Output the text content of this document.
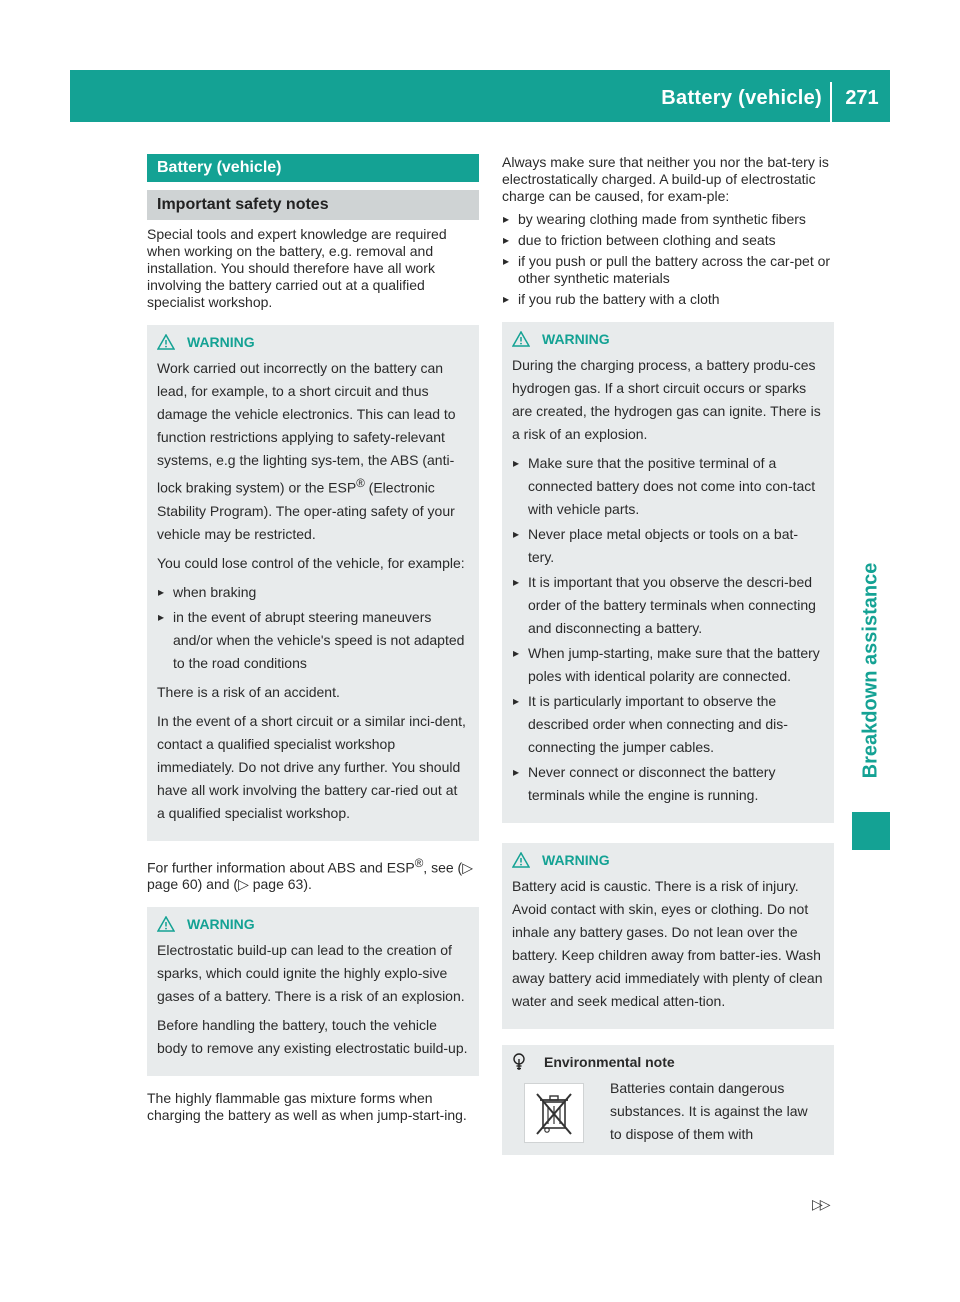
Battery (vehicle)	271
Breakdown assistance
Battery (vehicle)
Important safety notes

Special tools and expert knowledge are required when working on the battery, e.g. removal and installation. You should therefore have all work involving the battery carried out at a qualified specialist workshop.

WARNING

Work carried out incorrectly on the battery can lead, for example, to a short circuit and thus damage the vehicle electronics. This can lead to function restrictions applying to safety-relevant systems, e.g the lighting sys-tem, the ABS (anti-lock braking system) or the ESP® (Electronic Stability Program). The oper-ating safety of your vehicle may be restricted.

You could lose control of the vehicle, for example:

▸ when braking
▸ in the event of abrupt steering maneuvers and/or when the vehicle's speed is not adapted to the road conditions

There is a risk of an accident.

In the event of a short circuit or a similar inci-dent, contact a qualified specialist workshop immediately. Do not drive any further. You should have all work involving the battery car-ried out at a qualified specialist workshop.

For further information about ABS and ESP®, see (▷ page 60) and (▷ page 63).

WARNING

Electrostatic build-up can lead to the creation of sparks, which could ignite the highly explo-sive gases of a battery. There is a risk of an explosion.

Before handling the battery, touch the vehicle body to remove any existing electrostatic build-up.

The highly flammable gas mixture forms when charging the battery as well as when jump-start-ing.

Always make sure that neither you nor the bat-tery is electrostatically charged. A build-up of electrostatic charge can be caused, for exam-ple:

▸ by wearing clothing made from synthetic fibers
▸ due to friction between clothing and seats
▸ if you push or pull the battery across the car-pet or other synthetic materials
▸ if you rub the battery with a cloth
WARNING

During the charging process, a battery produ-ces hydrogen gas. If a short circuit occurs or sparks are created, the hydrogen gas can ignite. There is a risk of an explosion.

▸ Make sure that the positive terminal of a connected battery does not come into con-tact with vehicle parts.
▸ Never place metal objects or tools on a bat-tery.
▸ It is important that you observe the descri-bed order of the battery terminals when connecting and disconnecting a battery.
▸ When jump-starting, make sure that the battery poles with identical polarity are connected.
▸ It is particularly important to observe the described order when connecting and dis-connecting the jumper cables.
▸ Never connect or disconnect the battery terminals while the engine is running.
WARNING

Battery acid is caustic. There is a risk of injury. Avoid contact with skin, eyes or clothing. Do not inhale any battery gases. Do not lean over the battery. Keep children away from batter-ies. Wash away battery acid immediately with plenty of clean water and seek medical atten-tion.

Environmental note
Batteries contain dangerous substances. It is against the law to dispose of them with
▷▷
